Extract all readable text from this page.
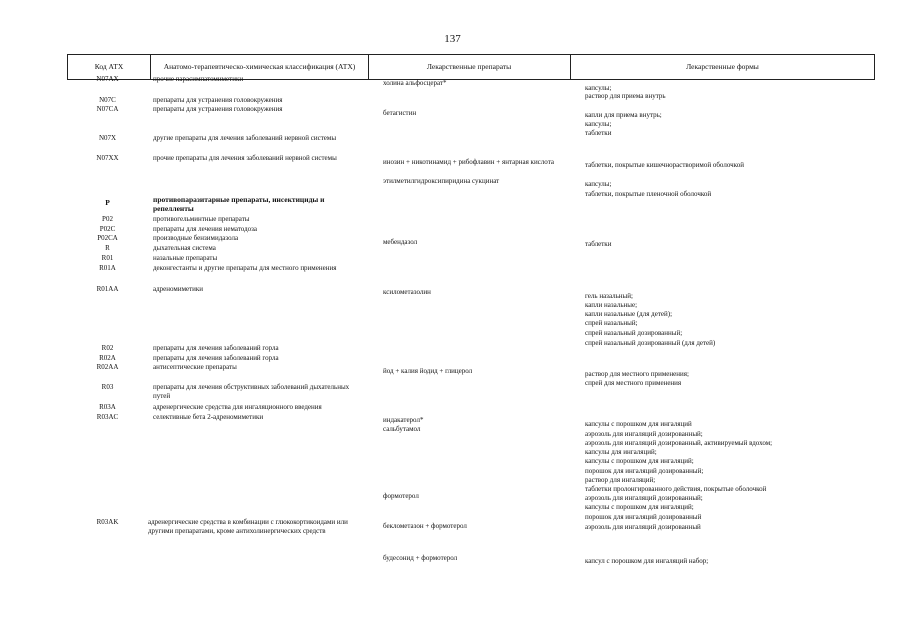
137
Код АТХ	Анатомо-терапевтическо-химическая классификация (АТХ)	Лекарственные препараты	Лекарственные формы
N07AX	прочие парасимпатомиметики	холина альфосцерат*
капсулы;
раствор для приема внутрь
N07C	препараты для устранения головокружения
N07CA	препараты для устранения головокружения	бетагистин	капли для приема внутрь;
капсулы;
таблетки
N07X	другие препараты для лечения заболеваний нервной системы
N07XX	прочие препараты для лечения заболеваний нервной системы	инозин + никотинамид + рибофлавин + янтарная кислота	таблетки, покрытые кишечнорастворимой оболочкой
этилметилгидроксипиридина сукцинат	капсулы;
таблетки, покрытые пленочной оболочкой
P	противопаразитарные препараты, инсектициды и репелленты
P02	противогельминтные препараты
P02C	препараты для лечения нематодоза
P02CA	производные бензимидазола	мебендазол	таблетки
R	дыхательная система
R01	назальные препараты
R01A	деконгестанты и другие препараты для местного применения
R01AA	адреномиметики	ксилометазолин	гель назальный;
капли назальные;
капли назальные (для детей);
спрей назальный;
спрей назальный дозированный;
спрей назальный дозированный (для детей)
R02	препараты для лечения заболеваний горла
R02A	препараты для лечения заболеваний горла
R02AA	антисептические препараты	йод + калия йодид + глицерол	раствор для местного применения;
спрей для местного применения
R03	препараты для лечения обструктивных заболеваний дыхательных путей
R03A	адренергические средства для ингаляционного введения
R03AC	селективные бета 2-адреномиметики	индакатерол*
сальбутамол
капсулы с порошком для ингаляций
аэрозоль для ингаляций дозированный;
аэрозоль для ингаляций дозированный, активируемый вдохом;
капсулы для ингаляций;
капсулы с порошком для ингаляций;
порошок для ингаляций дозированный;
раствор для ингаляций;
таблетки пролонгированного действия, покрытые оболочкой
формотерол	аэрозоль для ингаляций дозированный;
капсулы с порошком для ингаляций;
порошок для ингаляций дозированный
R03AK	адренергические средства в комбинации с глюкокортикоидами или другими препаратами, кроме антихолинергических средств
беклометазон + формотерол	аэрозоль для ингаляций дозированный
будесонид + формотерол	капсул с порошком для ингаляций набор;
